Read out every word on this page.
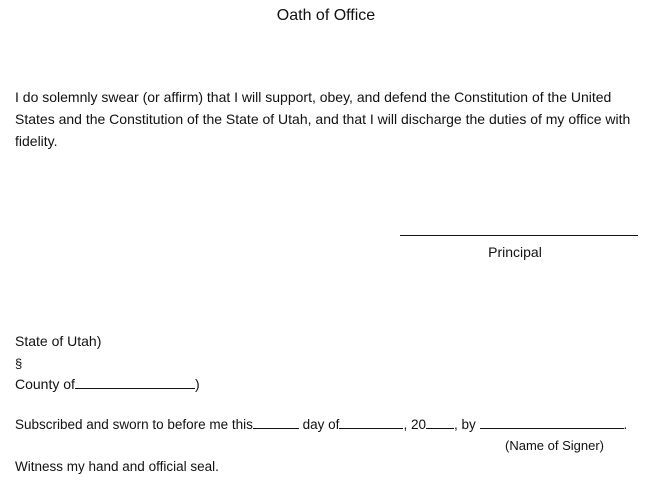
Oath of Office
I do solemnly swear (or affirm) that I will support, obey, and defend the Constitution of the United States and the Constitution of the State of Utah, and that I will discharge the duties of my office with fidelity.
Principal
State of Utah)
§
County of	)
Subscribed and sworn to before me this	day of	, 20 , by	.
(Name of Signer)
Witness my hand and official seal.
